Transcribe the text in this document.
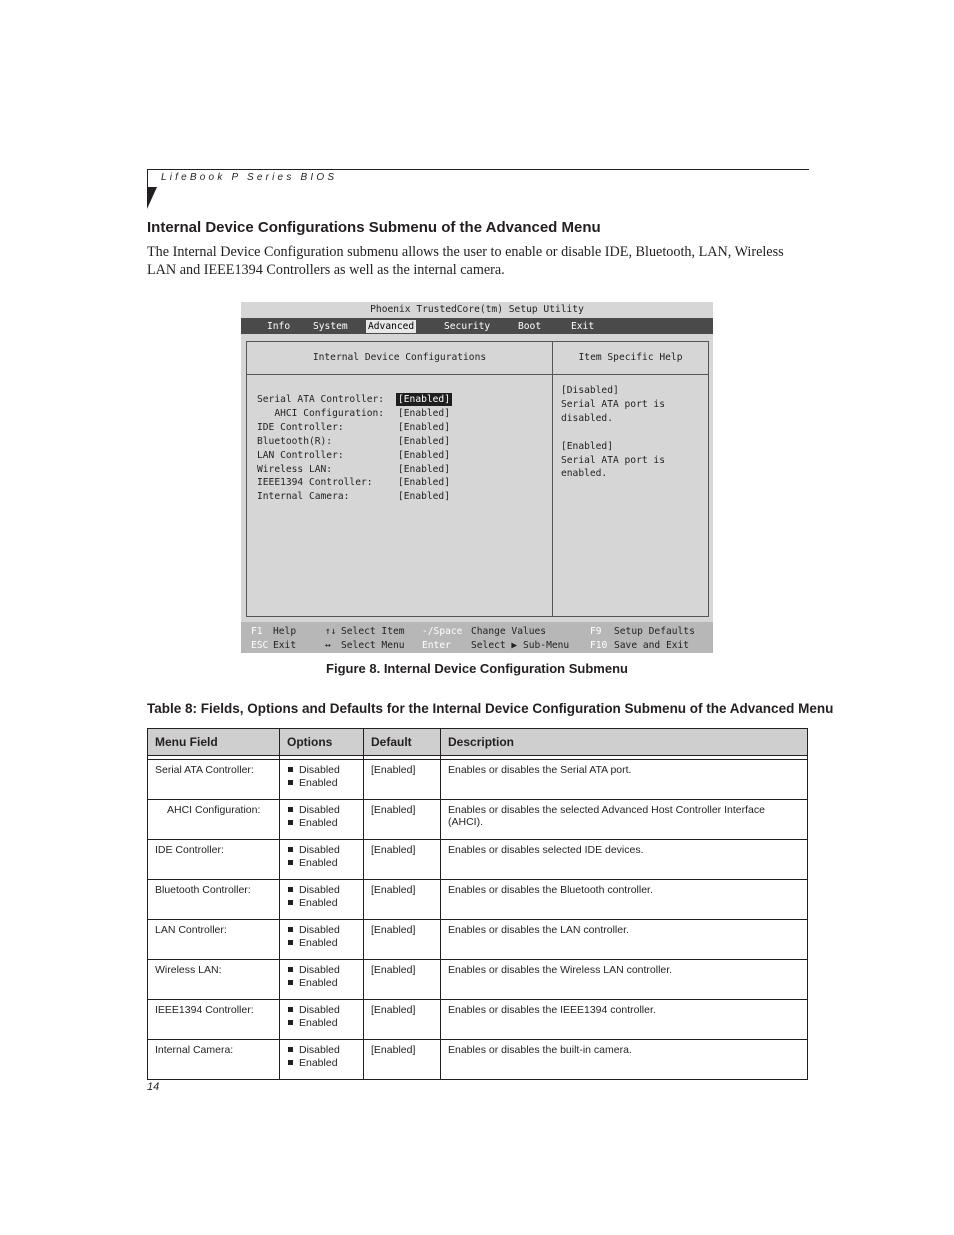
LifeBook P Series BIOS
Internal Device Configurations Submenu of the Advanced Menu

The Internal Device Configuration submenu allows the user to enable or disable IDE, Bluetooth, LAN, Wireless LAN and IEEE1394 Controllers as well as the internal camera.

Phoenix TrustedCore(tm) Setup Utility
Info System Advanced	Security	Boot	Exit
Internal Device Configurations	Item Specific Help
Serial ATA Controller: [Enabled]
AHCI Configuration: [Enabled]
IDE Controller:	[Enabled]
Bluetooth(R):	[Enabled]
LAN Controller:	[Enabled]
Wireless LAN:	[Enabled]
IEEE1394 Controller:	[Enabled]
Internal Camera:	[Enabled]
[Disabled]
Serial ATA port is
disabled.
[Enabled]
Serial ATA port is
enabled.
F1 Help
ESC Exit
↑↓ Select Item
↔ Select Menu
-/Space Change Values
Enter Select ▶ Sub-Menu
F9 Setup Defaults
F10 Save and Exit
Figure 8. Internal Device Configuration Submenu
Table 8: Fields, Options and Defaults for the Internal Device Configuration Submenu of the Advanced Menu
Menu Field	Options	Default	Description

Serial ATA Controller:	Disabled
Enabled	[Enabled]	Enables or disables the Serial ATA port.
AHCI Configuration:	Disabled
Enabled	[Enabled]	Enables or disables the selected Advanced Host Controller Interface (AHCI).
IDE Controller:	Disabled
Enabled	[Enabled]	Enables or disables selected IDE devices.
Bluetooth Controller:	Disabled
Enabled	[Enabled]	Enables or disables the Bluetooth controller.
LAN Controller:	Disabled
Enabled	[Enabled]	Enables or disables the LAN controller.
Wireless LAN:	Disabled
Enabled	[Enabled]	Enables or disables the Wireless LAN controller.
IEEE1394 Controller:	Disabled
Enabled	[Enabled]	Enables or disables the IEEE1394 controller.
Internal Camera:	Disabled
Enabled	[Enabled]	Enables or disables the built-in camera.
14
